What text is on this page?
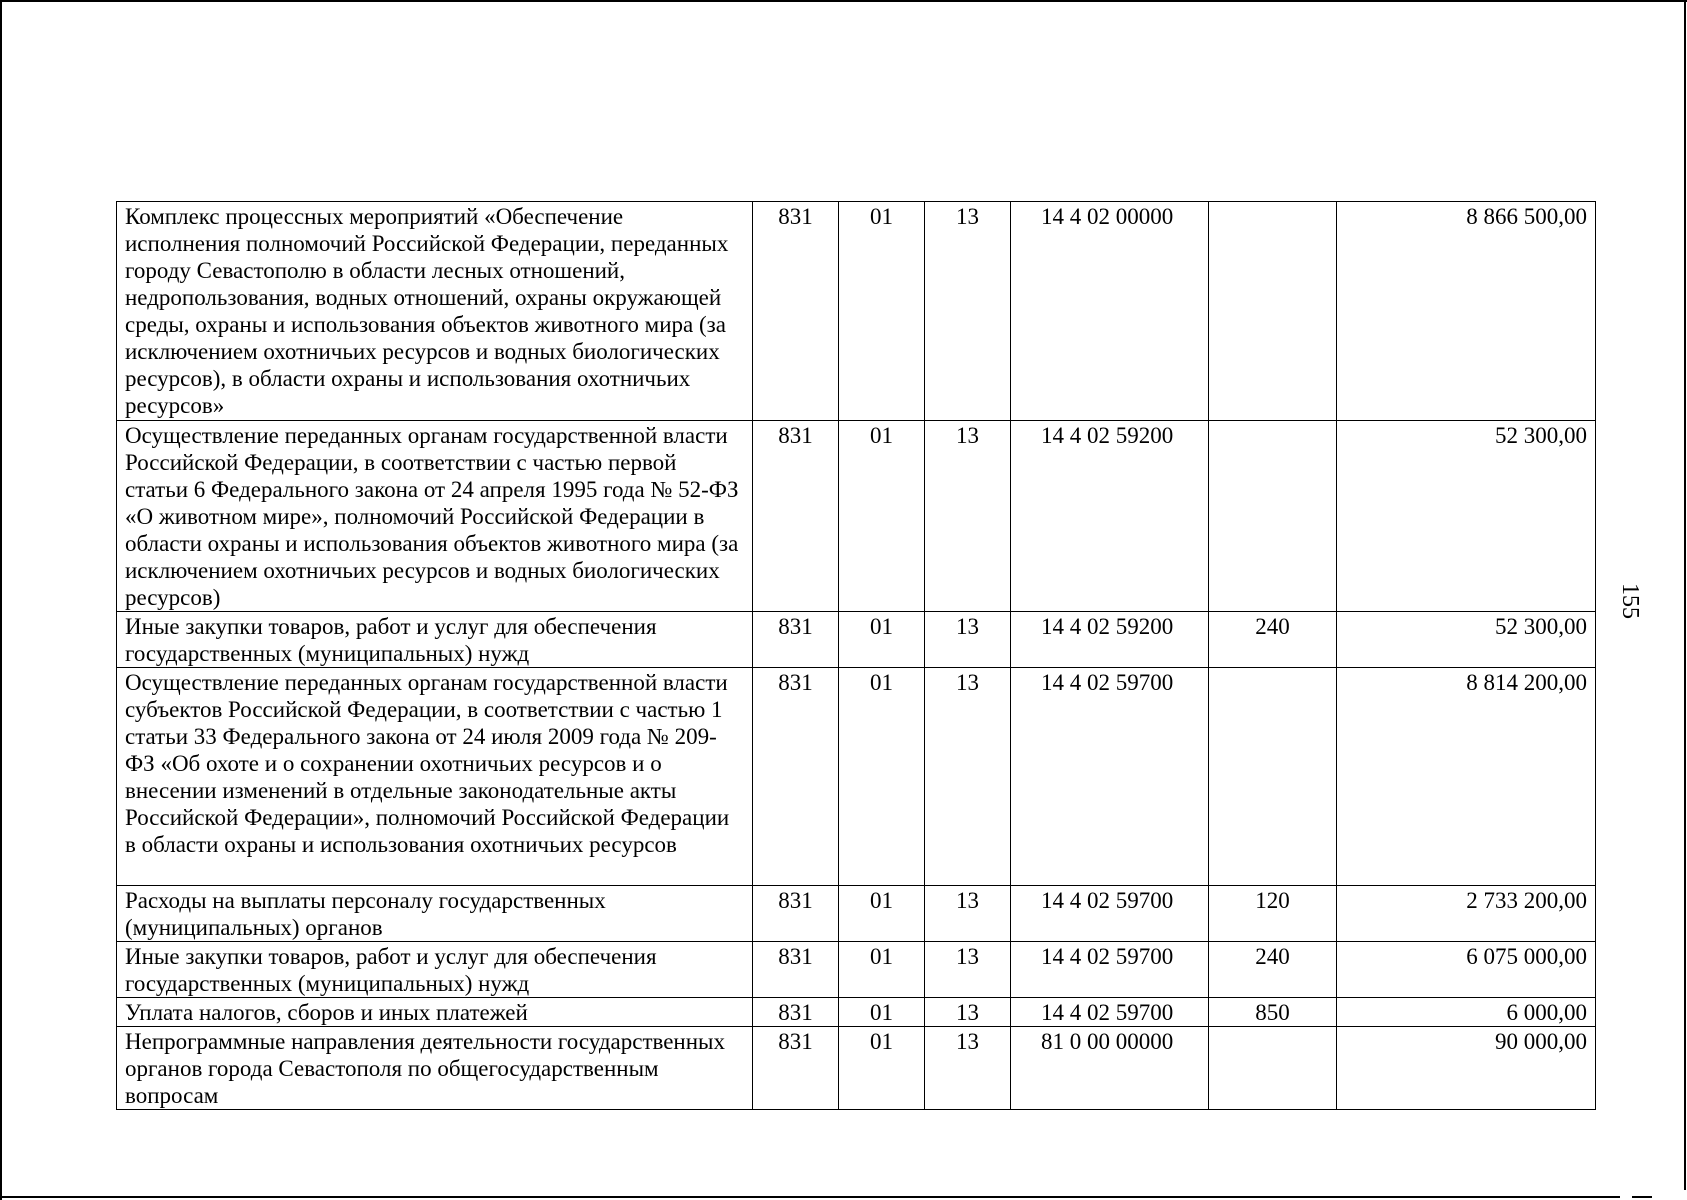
155
Комплекс процессных мероприятий «Обеспечение исполнения полномочий Российской Федерации, переданных городу Севастополю в области лесных отношений, недропользования, водных отношений, охраны окружающей среды, охраны и использования объектов животного мира (за исключением охотничьих ресурсов и водных биологических ресурсов), в области охраны и использования охотничьих ресурсов»	831	01	13	14 4 02 00000		8 866 500,00
Осуществление переданных органам государственной власти Российской Федерации, в соответствии с частью первой статьи 6 Федерального закона от 24 апреля 1995 года № 52-ФЗ «О животном мире», полномочий Российской Федерации в области охраны и использования объектов животного мира (за исключением охотничьих ресурсов и водных биологических ресурсов)	831	01	13	14 4 02 59200		52 300,00
Иные закупки товаров, работ и услуг для обеспечения государственных (муниципальных) нужд	831	01	13	14 4 02 59200	240	52 300,00
Осуществление переданных органам государственной власти субъектов Российской Федерации, в соответствии с частью 1 статьи 33 Федерального закона от 24 июля 2009 года № 209-ФЗ «Об охоте и о сохранении охотничьих ресурсов и о внесении изменений в отдельные законодательные акты Российской Федерации», полномочий Российской Федерации в области охраны и использования охотничьих ресурсов	831	01	13	14 4 02 59700		8 814 200,00
Расходы на выплаты персоналу государственных (муниципальных) органов	831	01	13	14 4 02 59700	120	2 733 200,00
Иные закупки товаров, работ и услуг для обеспечения государственных (муниципальных) нужд	831	01	13	14 4 02 59700	240	6 075 000,00
Уплата налогов, сборов и иных платежей	831	01	13	14 4 02 59700	850	6 000,00
Непрограммные направления деятельности государственных органов города Севастополя по общегосударственным вопросам	831	01	13	81 0 00 00000		90 000,00
